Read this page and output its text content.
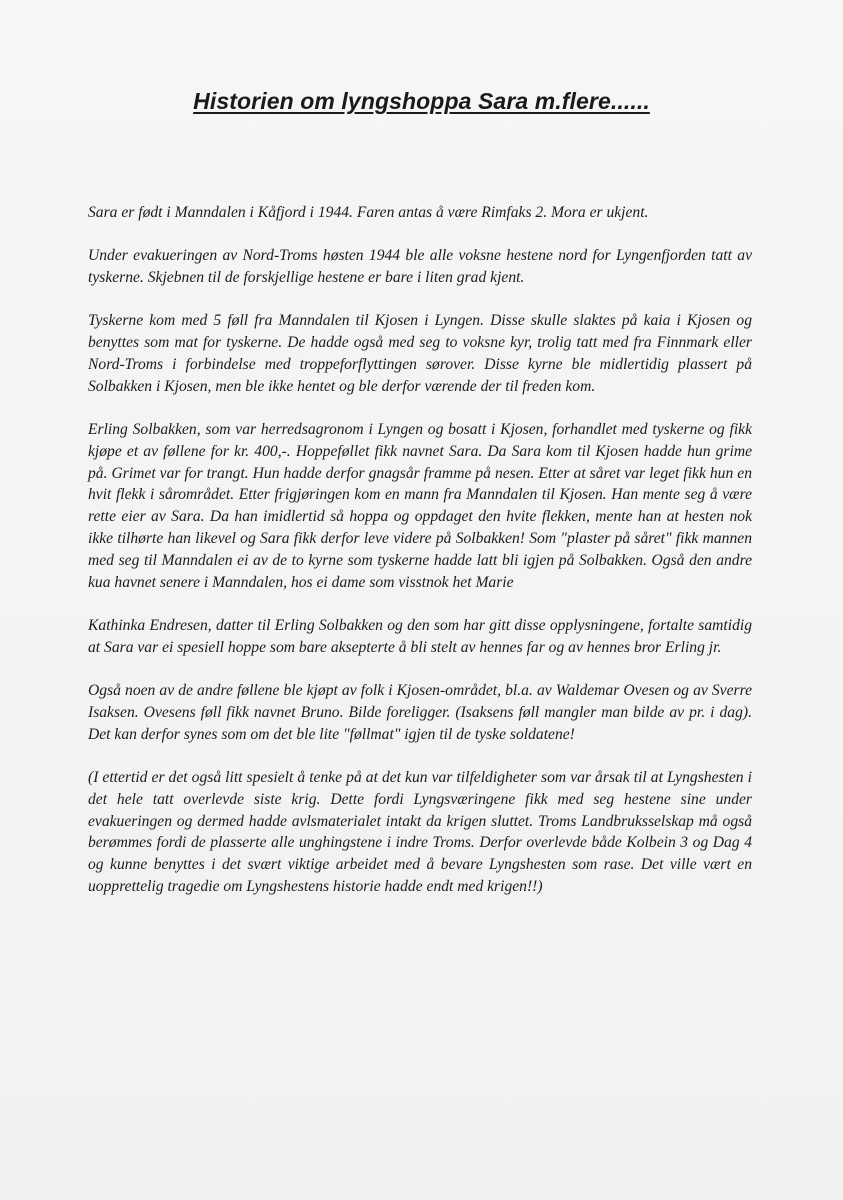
Historien om lyngshoppa Sara m.flere......

Sara er født i Manndalen i Kåfjord i 1944. Faren antas å være Rimfaks 2. Mora er ukjent.

Under evakueringen av Nord-Troms høsten 1944 ble alle voksne hestene nord for Lyngenfjorden tatt av tyskerne. Skjebnen til de forskjellige hestene er bare i liten grad kjent.

Tyskerne kom med 5 føll fra Manndalen til Kjosen i Lyngen. Disse skulle slaktes på kaia i Kjosen og benyttes som mat for tyskerne. De hadde også med seg to voksne kyr, trolig tatt med fra Finnmark eller Nord-Troms i forbindelse med troppeforflyttingen sørover. Disse kyrne ble midlertidig plassert på Solbakken i Kjosen, men ble ikke hentet og ble derfor værende der til freden kom.

Erling Solbakken, som var herredsagronom i Lyngen og bosatt i Kjosen, forhandlet med tyskerne og fikk kjøpe et av føllene for kr. 400,-. Hoppeføllet fikk navnet Sara. Da Sara kom til Kjosen hadde hun grime på. Grimet var for trangt. Hun hadde derfor gnagsår framme på nesen. Etter at såret var leget fikk hun en hvit flekk i sårområdet. Etter frigjøringen kom en mann fra Manndalen til Kjosen. Han mente seg å være rette eier av Sara. Da han imidlertid så hoppa og oppdaget den hvite flekken, mente han at hesten nok ikke tilhørte han likevel og Sara fikk derfor leve videre på Solbakken! Som "plaster på såret" fikk mannen med seg til Manndalen ei av de to kyrne som tyskerne hadde latt bli igjen på Solbakken. Også den andre kua havnet senere i Manndalen, hos ei dame som visstnok het Marie

Kathinka Endresen, datter til Erling Solbakken og den som har gitt disse opplysningene, fortalte samtidig at Sara var ei spesiell hoppe som bare aksepterte å bli stelt av hennes far og av hennes bror Erling jr.

Også noen av de andre føllene ble kjøpt av folk i Kjosen-området, bl.a. av Waldemar Ovesen og av Sverre Isaksen. Ovesens føll fikk navnet Bruno. Bilde foreligger. (Isaksens føll mangler man bilde av pr. i dag). Det kan derfor synes som om det ble lite "føllmat" igjen til de tyske soldatene!

(I ettertid er det også litt spesielt å tenke på at det kun var tilfeldigheter som var årsak til at Lyngshesten i det hele tatt overlevde siste krig. Dette fordi Lyngsværingene fikk med seg hestene sine under evakueringen og dermed hadde avlsmaterialet intakt da krigen sluttet. Troms Landbruksselskap må også berømmes fordi de plasserte alle unghingstene i indre Troms. Derfor overlevde både Kolbein 3 og Dag 4 og kunne benyttes i det svært viktige arbeidet med å bevare Lyngshesten som rase. Det ville vært en uopprettelig tragedie om Lyngshestens historie hadde endt med krigen!!)
